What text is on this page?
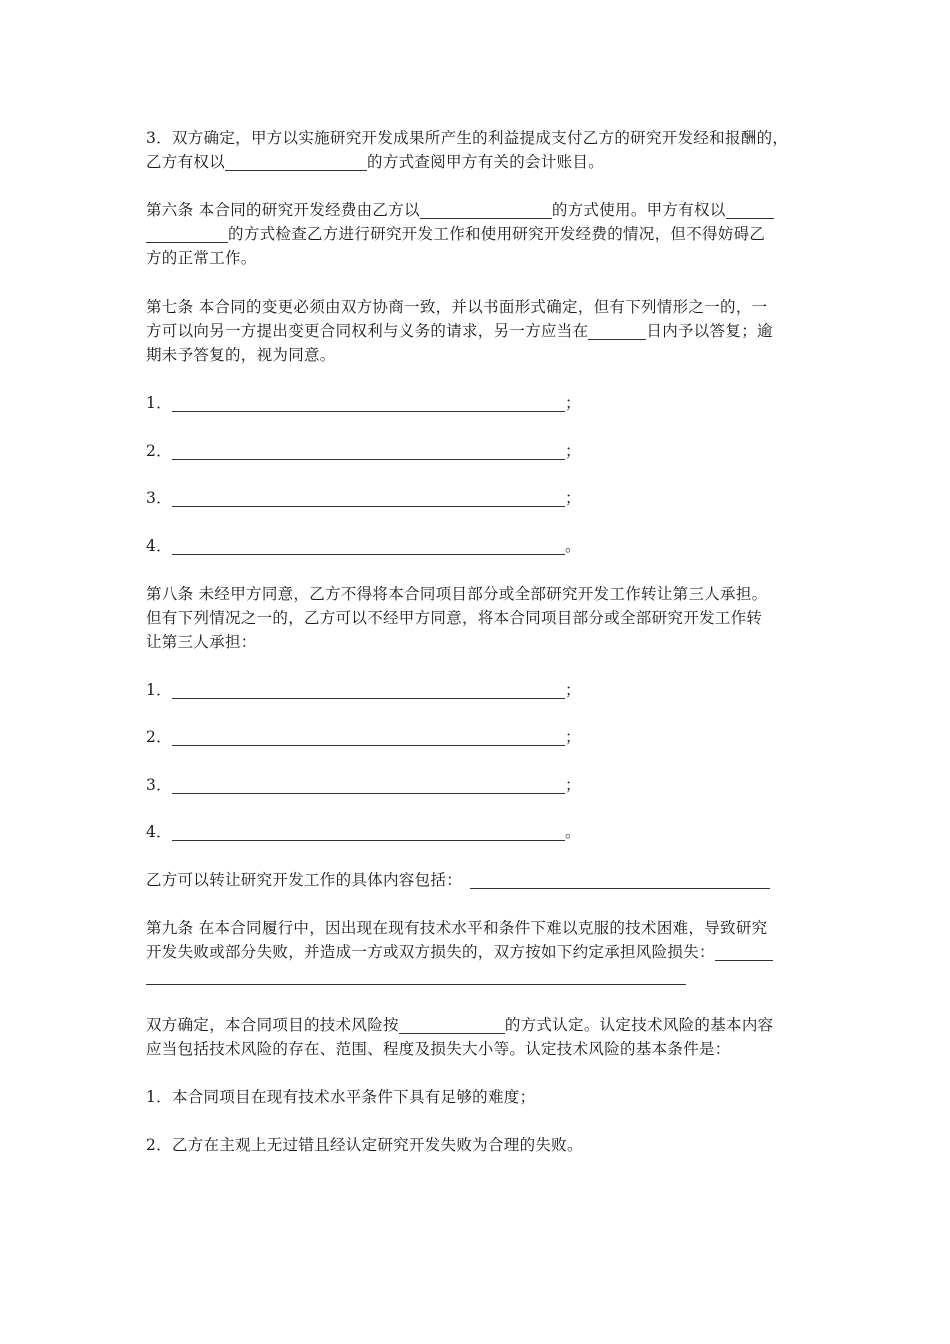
3．双方确定，甲方以实施研究开发成果所产生的利益提成支付乙方的研究开发经和报酬的，
乙方有权以	的方式查阅甲方有关的会计账目。
第六条 本合同的研究开发经费由乙方以	的方式使用。甲方有权以
的方式检查乙方进行研究开发工作和使用研究开发经费的情况，但不得妨碍乙
方的正常工作。
第七条 本合同的变更必须由双方协商一致，并以书面形式确定，但有下列情形之一的，一
方可以向另一方提出变更合同权利与义务的请求，另一方应当在	日内予以答复；逾
期未予答复的，视为同意。
1．	；
2．	；
3．	；
4．	。
第八条 未经甲方同意，乙方不得将本合同项目部分或全部研究开发工作转让第三人承担。
但有下列情况之一的，乙方可以不经甲方同意，将本合同项目部分或全部研究开发工作转
让第三人承担：
1．	；
2．	；
3．	；
4．	。
乙方可以转让研究开发工作的具体内容包括：
第九条 在本合同履行中，因出现在现有技术水平和条件下难以克服的技术困难，导致研究
开发失败或部分失败，并造成一方或双方损失的，双方按如下约定承担风险损失：
双方确定，本合同项目的技术风险按	的方式认定。认定技术风险的基本内容
应当包括技术风险的存在、范围、程度及损失大小等。认定技术风险的基本条件是：
1．本合同项目在现有技术水平条件下具有足够的难度；
2．乙方在主观上无过错且经认定研究开发失败为合理的失败。
